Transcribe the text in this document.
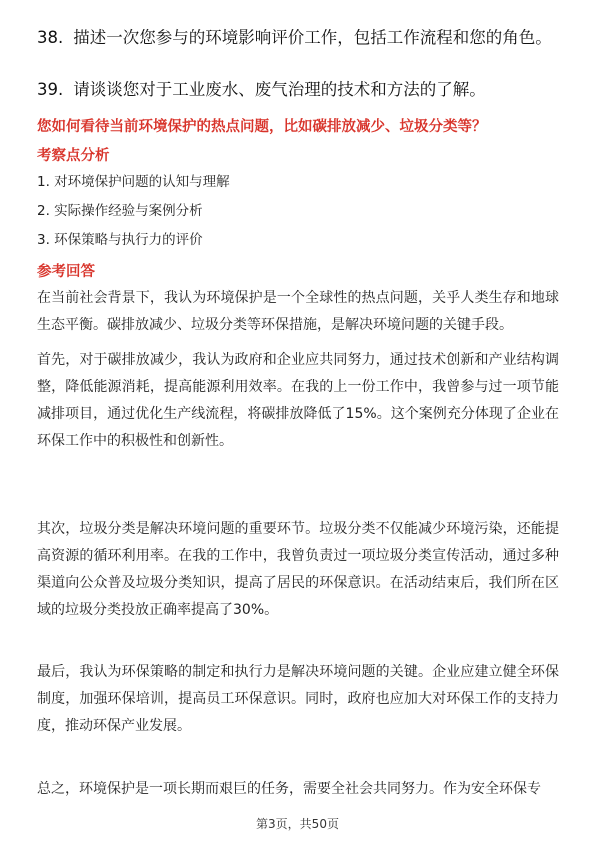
38. 描述一次您参与的环境影响评价工作，包括工作流程和您的角色。
39. 请谈谈您对于工业废水、废气治理的技术和方法的了解。
您如何看待当前环境保护的热点问题，比如碳排放减少、垃圾分类等？
考察点分析
1. 对环境保护问题的认知与理解
2. 实际操作经验与案例分析
3. 环保策略与执行力的评价
参考回答

在当前社会背景下，我认为环境保护是一个全球性的热点问题，关乎人类生存和地球生态平衡。碳排放减少、垃圾分类等环保措施，是解决环境问题的关键手段。

首先，对于碳排放减少，我认为政府和企业应共同努力，通过技术创新和产业结构调整，降低能源消耗，提高能源利用效率。在我的上一份工作中，我曾参与过一项节能减排项目，通过优化生产线流程，将碳排放降低了15%。这个案例充分体现了企业在环保工作中的积极性和创新性。

其次，垃圾分类是解决环境问题的重要环节。垃圾分类不仅能减少环境污染，还能提高资源的循环利用率。在我的工作中，我曾负责过一项垃圾分类宣传活动，通过多种渠道向公众普及垃圾分类知识，提高了居民的环保意识。在活动结束后，我们所在区域的垃圾分类投放正确率提高了30%。

最后，我认为环保策略的制定和执行力是解决环境问题的关键。企业应建立健全环保制度，加强环保培训，提高员工环保意识。同时，政府也应加大对环保工作的支持力度，推动环保产业发展。

总之，环境保护是一项长期而艰巨的任务，需要全社会共同努力。作为安全环保专

第3页，共50页
